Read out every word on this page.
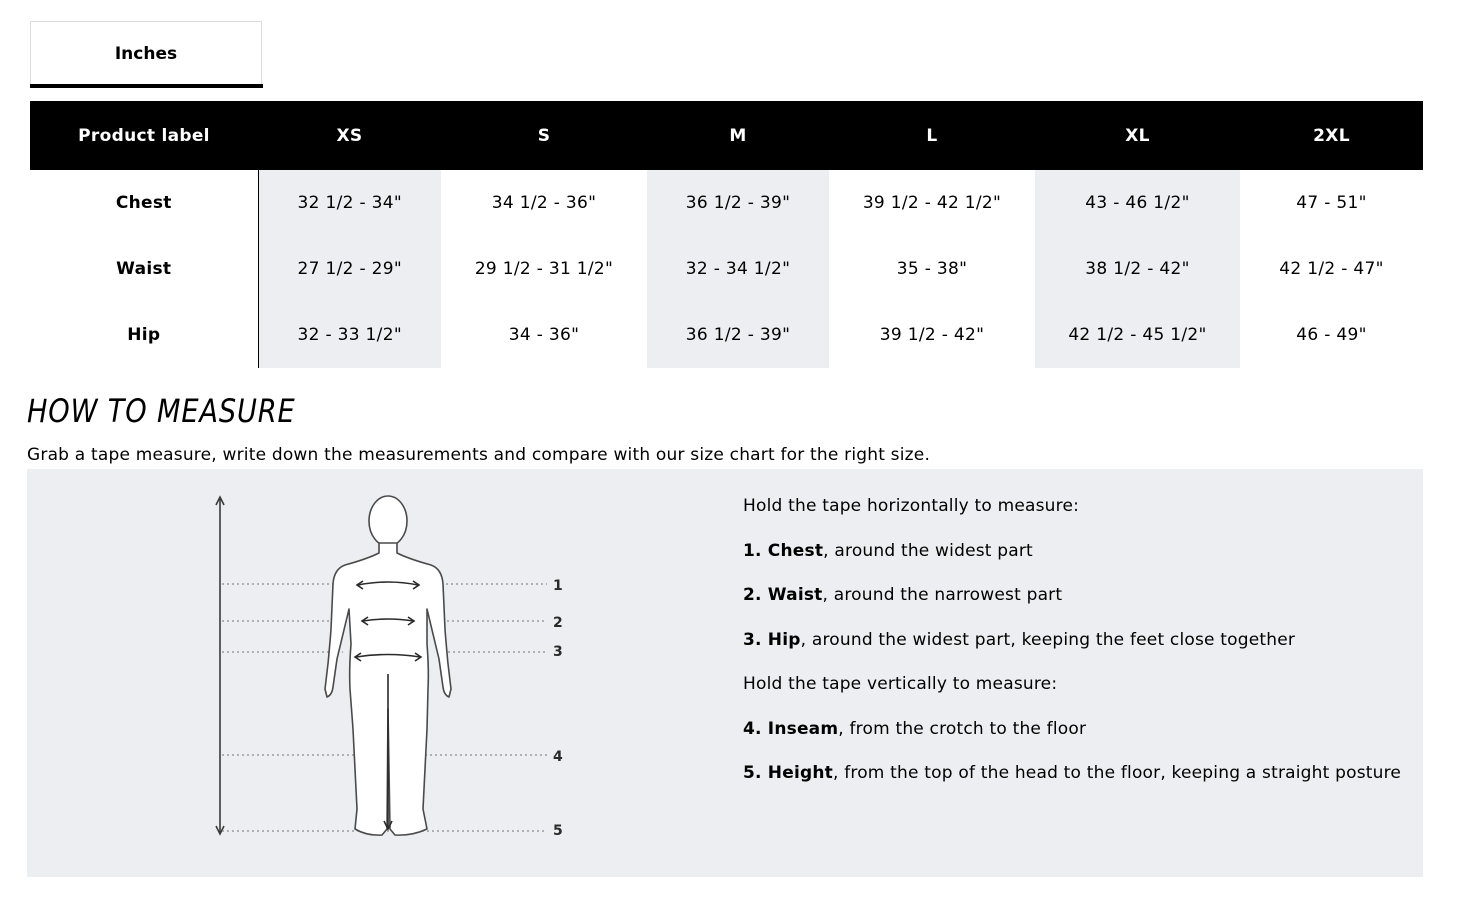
Inches
Product label	XS	S	M	L	XL	2XL
Chest	32 1/2 - 34"	34 1/2 - 36"	36 1/2 - 39"	39 1/2 - 42 1/2"	43 - 46 1/2"	47 - 51"
Waist	27 1/2 - 29"	29 1/2 - 31 1/2"	32 - 34 1/2"	35 - 38"	38 1/2 - 42"	42 1/2 - 47"
Hip	32 - 33 1/2"	34 - 36"	36 1/2 - 39"	39 1/2 - 42"	42 1/2 - 45 1/2"	46 - 49"
HOW TO MEASURE

Grab a tape measure, write down the measurements and compare with our size chart for the right size.

1
2
3
4
5

Hold the tape horizontally to measure:

1. Chest, around the widest part

2. Waist, around the narrowest part

3. Hip, around the widest part, keeping the feet close together

Hold the tape vertically to measure:

4. Inseam, from the crotch to the floor

5. Height, from the top of the head to the floor, keeping a straight posture
